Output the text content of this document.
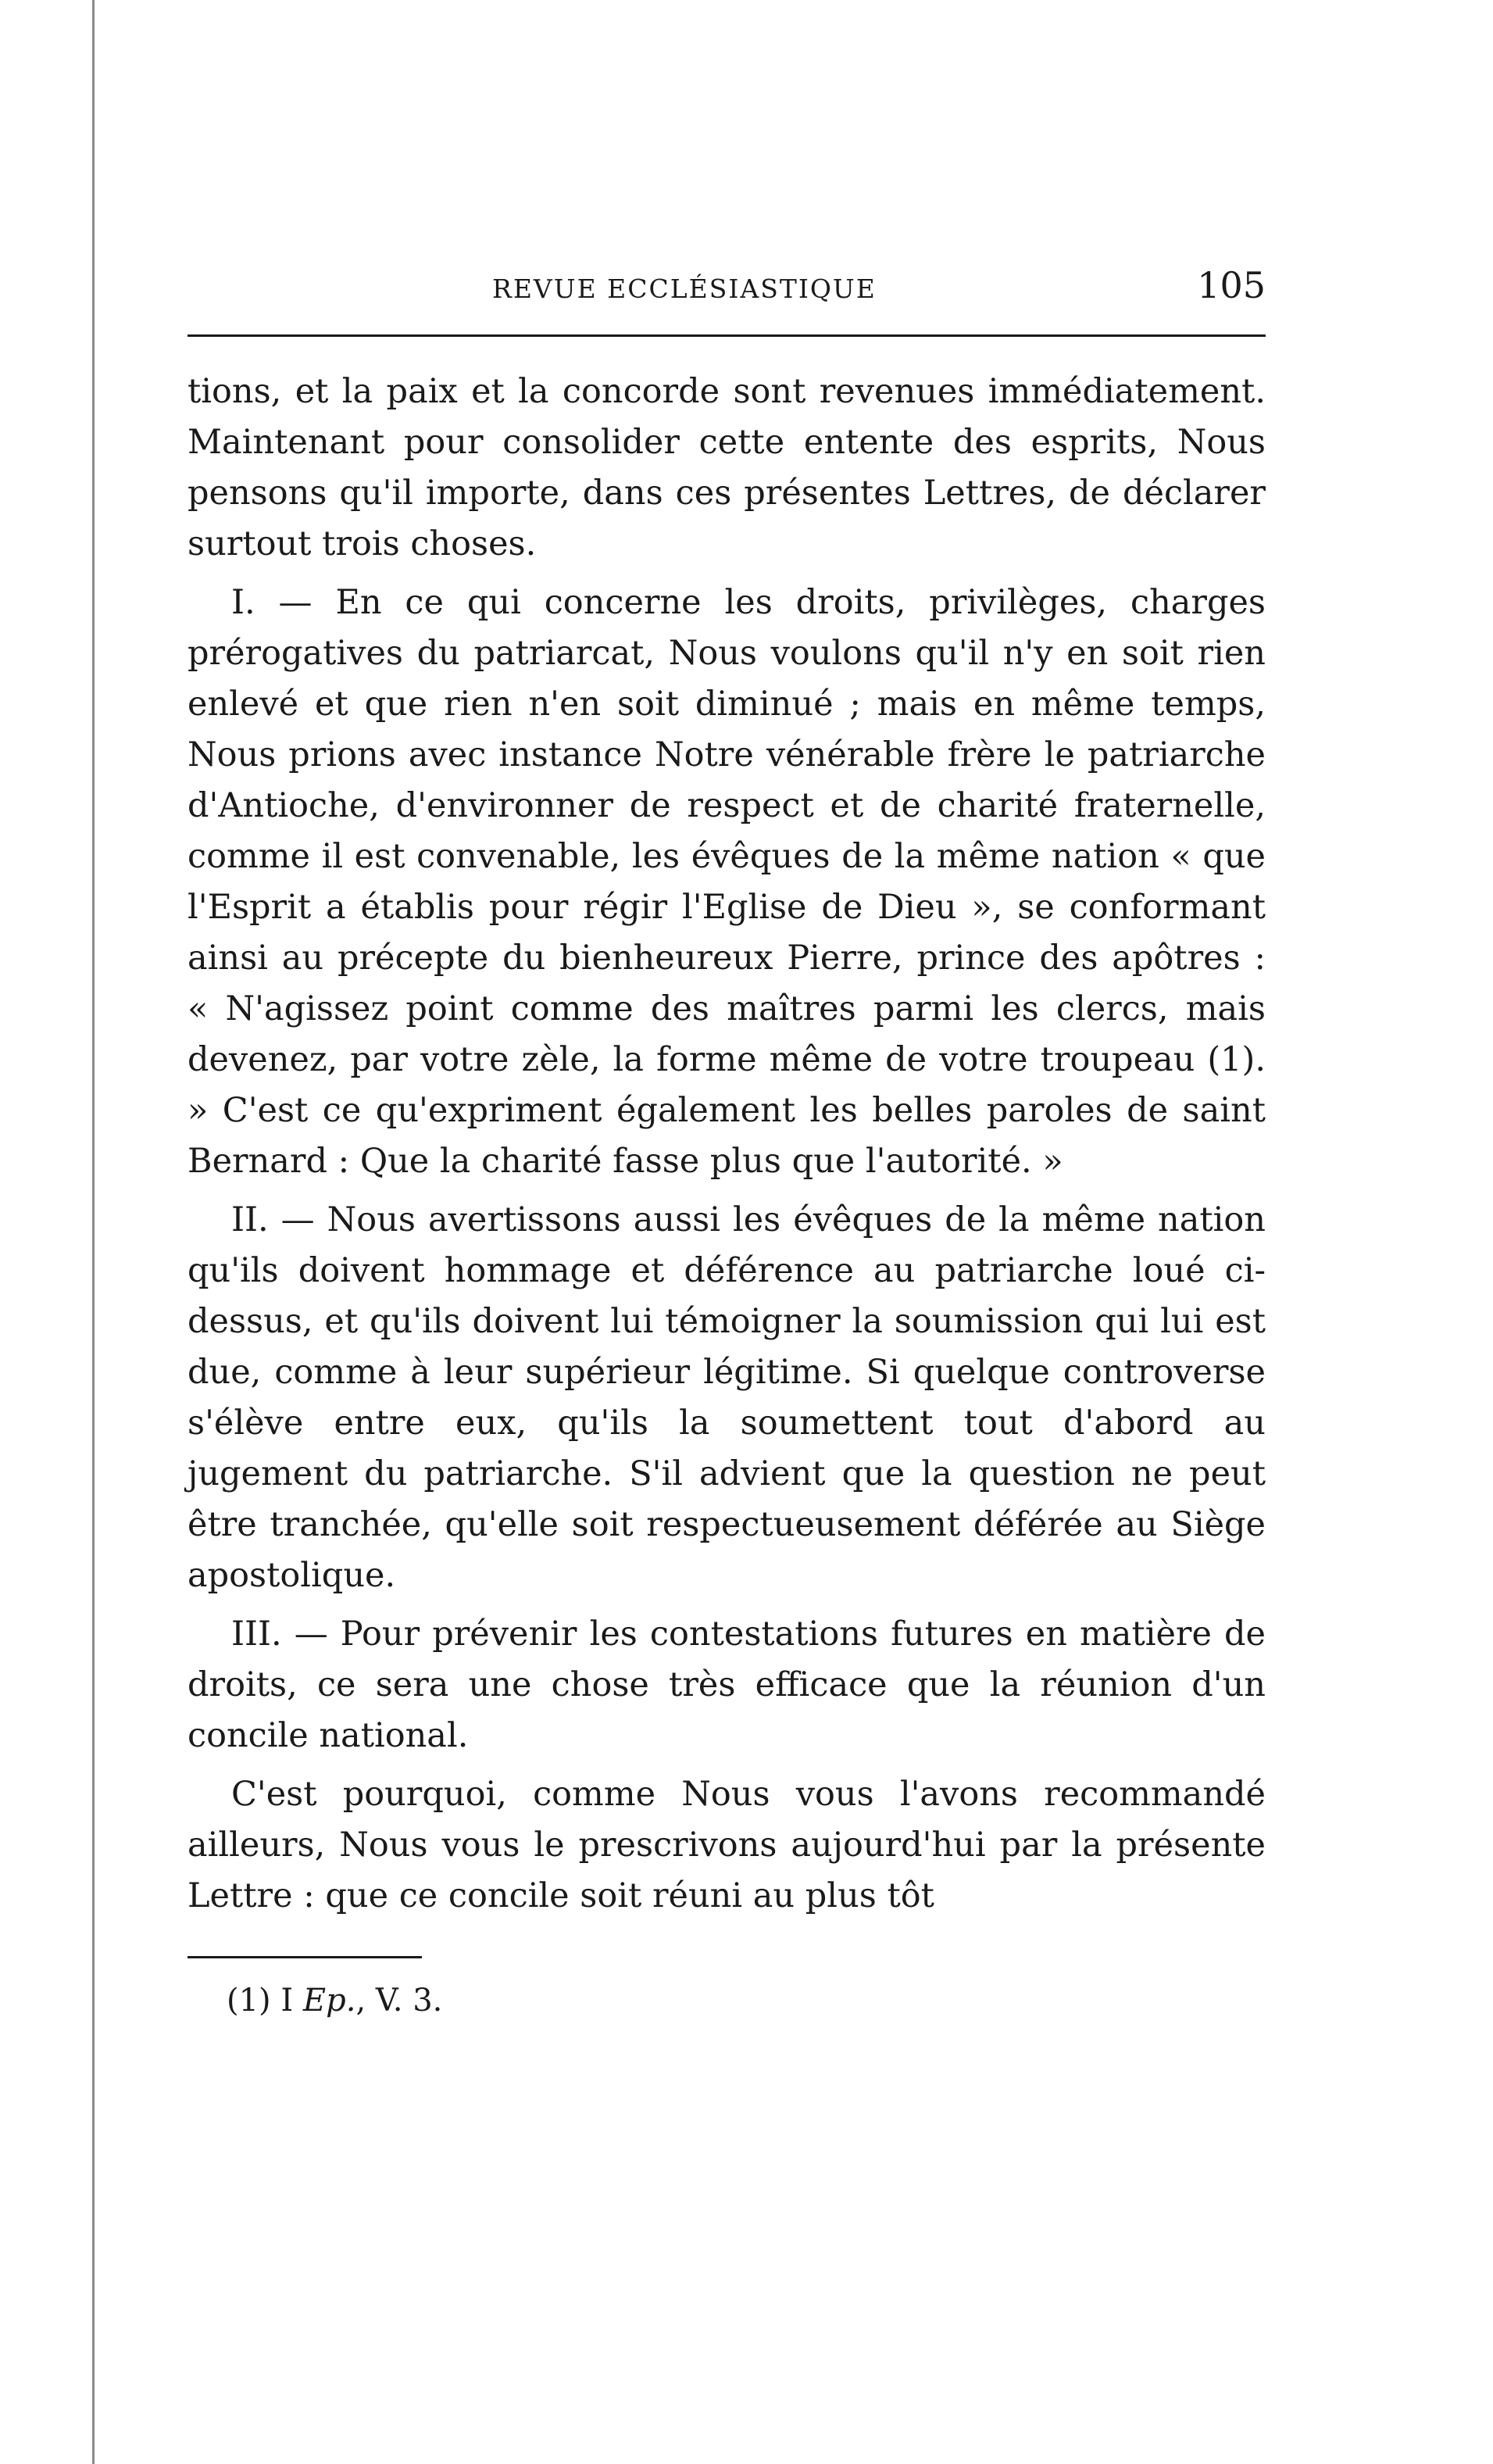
REVUE ECCLÉSIASTIQUE	105

tions, et la paix et la concorde sont revenues immédiatement. Maintenant pour consolider cette entente des esprits, Nous pensons qu'il importe, dans ces présentes Lettres, de déclarer surtout trois choses.

I. — En ce qui concerne les droits, privilèges, charges prérogatives du patriarcat, Nous voulons qu'il n'y en soit rien enlevé et que rien n'en soit diminué ; mais en même temps, Nous prions avec instance Notre vénérable frère le patriarche d'Antioche, d'environner de respect et de charité fraternelle, comme il est convenable, les évêques de la même nation « que l'Esprit a établis pour régir l'Eglise de Dieu », se conformant ainsi au précepte du bienheureux Pierre, prince des apôtres : « N'agissez point comme des maîtres parmi les clercs, mais devenez, par votre zèle, la forme même de votre troupeau (1). » C'est ce qu'expriment également les belles paroles de saint Bernard : Que la charité fasse plus que l'autorité. »

II. — Nous avertissons aussi les évêques de la même nation qu'ils doivent hommage et déférence au patriarche loué ci-dessus, et qu'ils doivent lui témoigner la soumission qui lui est due, comme à leur supérieur légitime. Si quelque controverse s'élève entre eux, qu'ils la soumettent tout d'abord au jugement du patriarche. S'il advient que la question ne peut être tranchée, qu'elle soit respectueusement déférée au Siège apostolique.

III. — Pour prévenir les contestations futures en matière de droits, ce sera une chose très efficace que la réunion d'un concile national.

C'est pourquoi, comme Nous vous l'avons recommandé ailleurs, Nous vous le prescrivons aujourd'hui par la présente Lettre : que ce concile soit réuni au plus tôt

(1) I Ep., V. 3.
